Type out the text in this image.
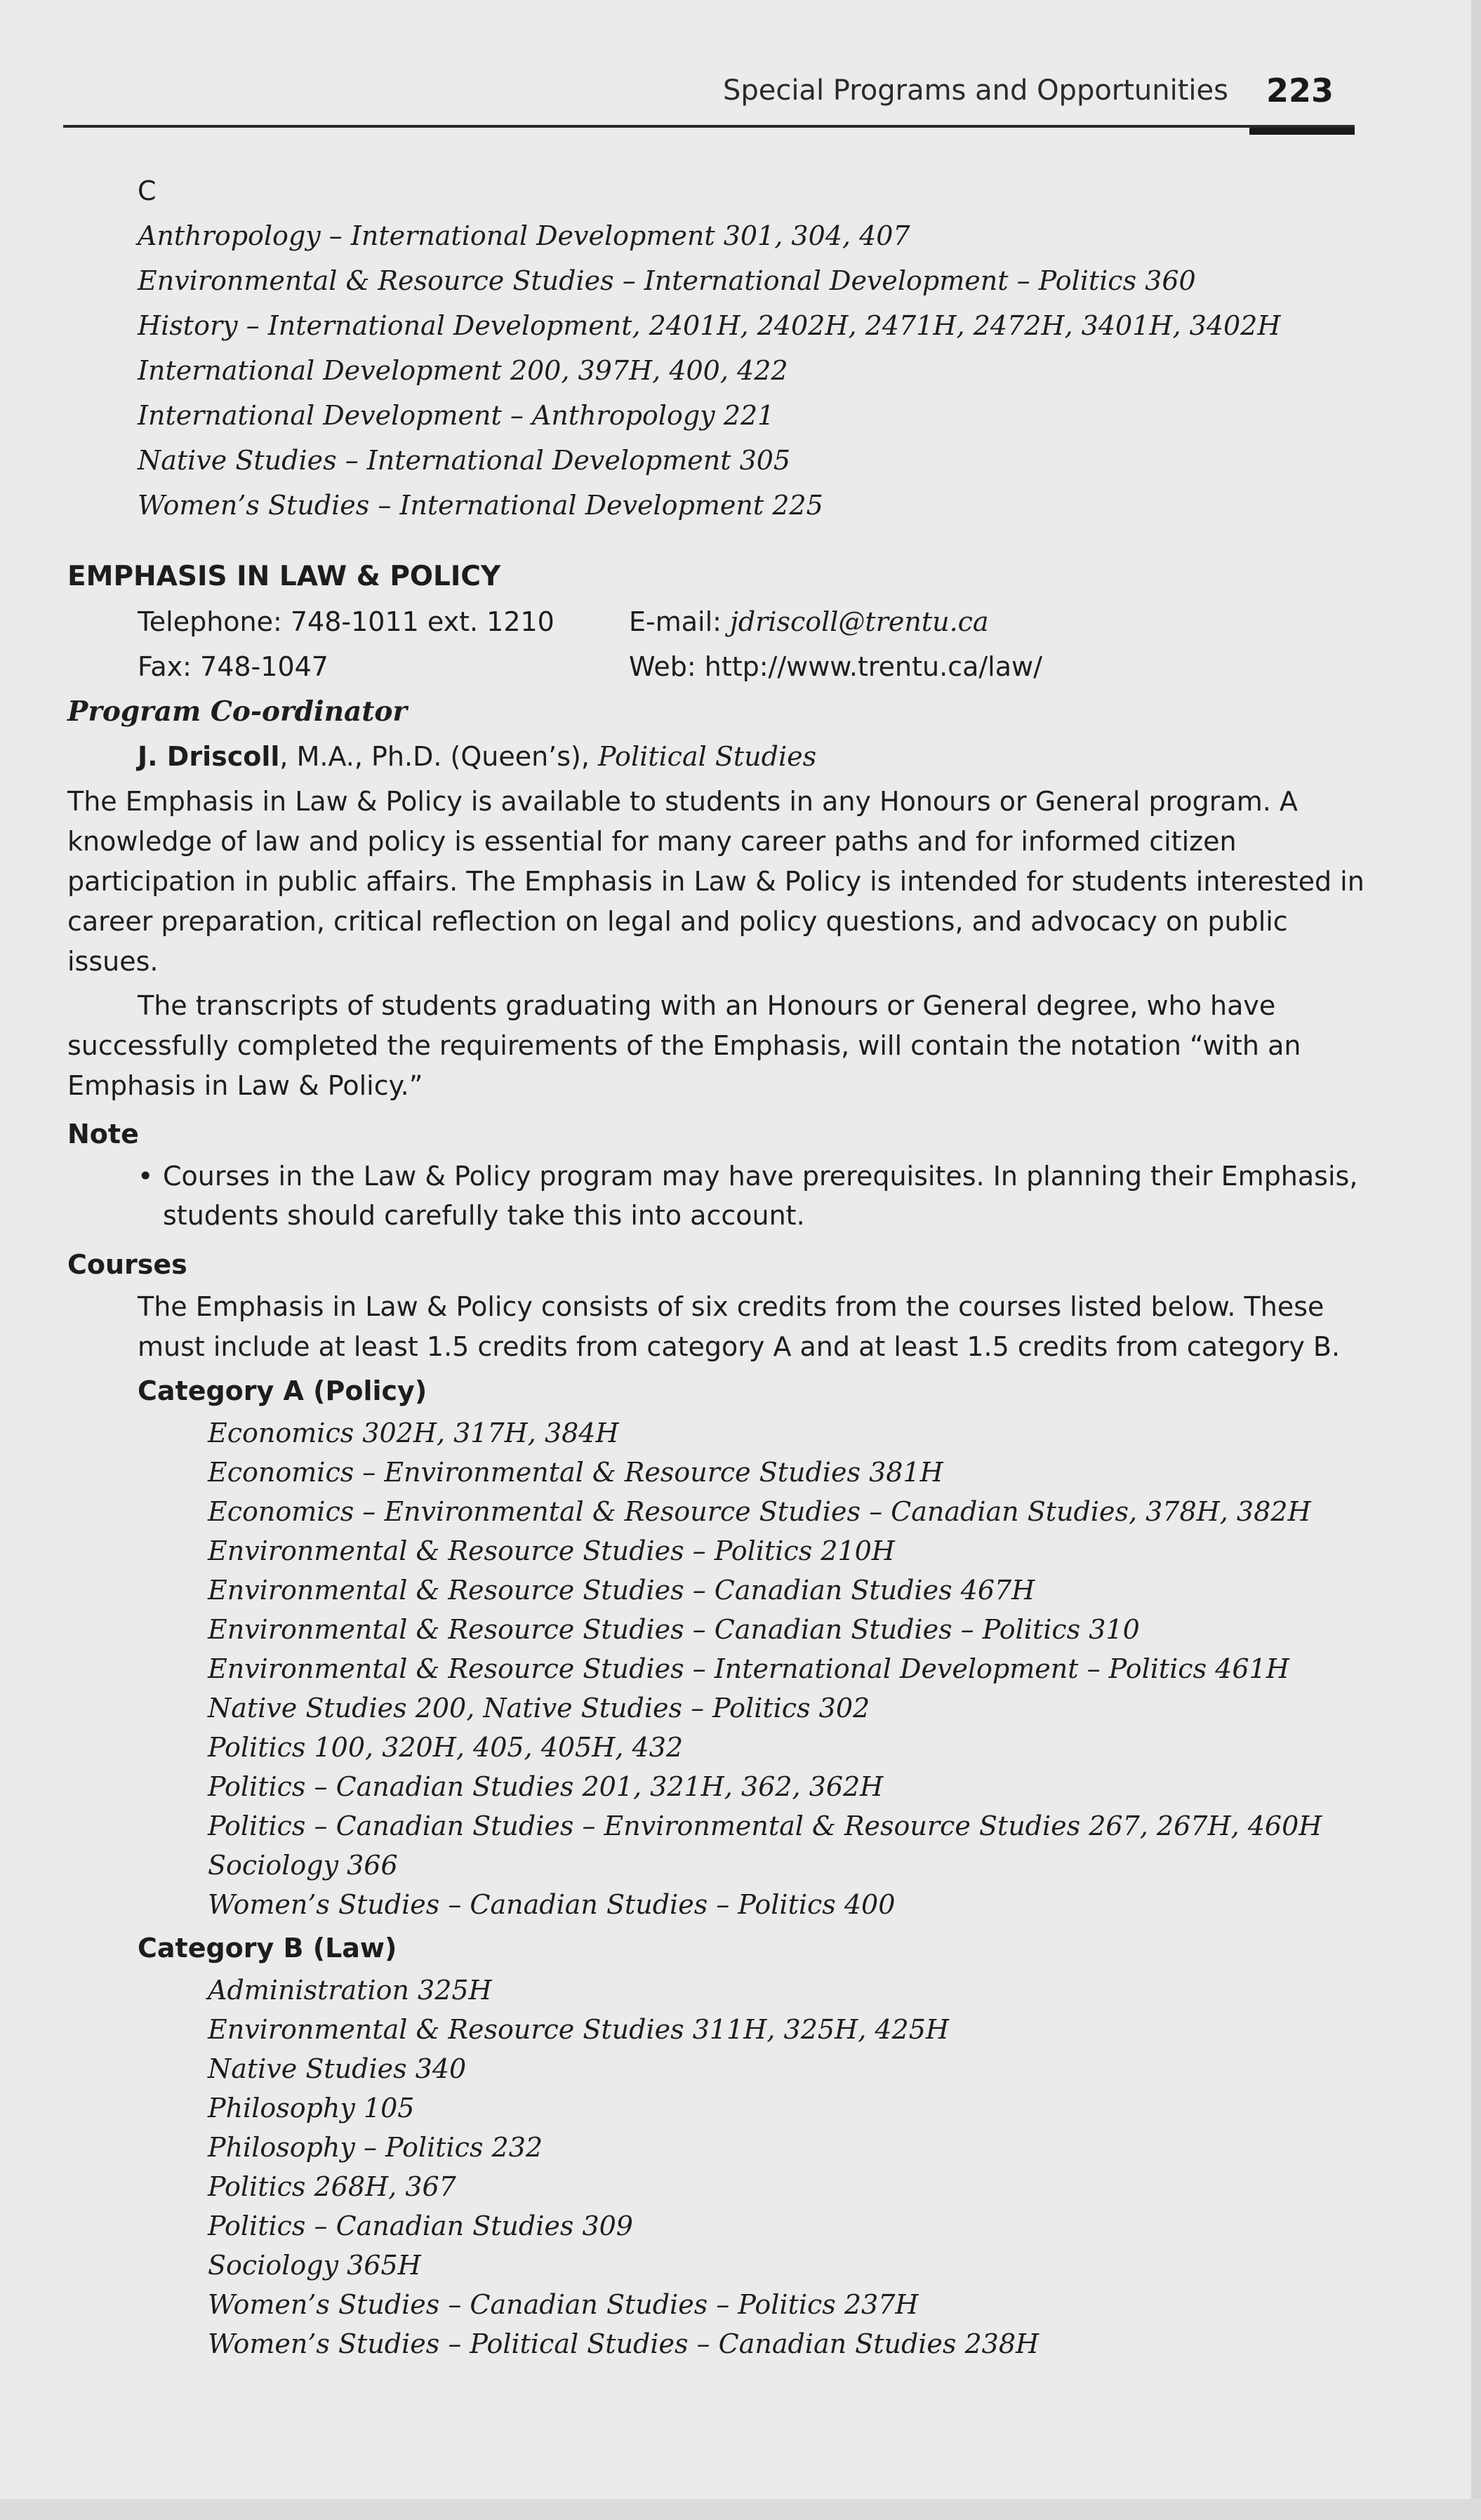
Special Programs and Opportunities 223
C
Anthropology – International Development 301, 304, 407
Environmental & Resource Studies – International Development – Politics 360
History – International Development, 2401H, 2402H, 2471H, 2472H, 3401H, 3402H
International Development 200, 397H, 400, 422
International Development – Anthropology 221
Native Studies – International Development 305
Women’s Studies – International Development 225
EMPHASIS IN LAW & POLICY
Telephone: 748-1011 ext. 1210	E-mail: jdriscoll@trentu.ca
Fax: 748-1047	Web: http://www.trentu.ca/law/
Program Co-ordinator
J. Driscoll, M.A., Ph.D. (Queen’s), Political Studies

The Emphasis in Law & Policy is available to students in any Honours or General program. A knowledge of law and policy is essential for many career paths and for informed citizen participation in public affairs. The Emphasis in Law & Policy is intended for students interested in career preparation, critical reflection on legal and policy questions, and advocacy on public issues.

The transcripts of students graduating with an Honours or General degree, who have successfully completed the requirements of the Emphasis, will contain the notation “with an Emphasis in Law & Policy.”

Note
• Courses in the Law & Policy program may have prerequisites. In planning their Emphasis, students should carefully take this into account.
Courses
The Emphasis in Law & Policy consists of six credits from the courses listed below. These must include at least 1.5 credits from category A and at least 1.5 credits from category B.
Category A (Policy)
Economics 302H, 317H, 384H
Economics – Environmental & Resource Studies 381H
Economics – Environmental & Resource Studies – Canadian Studies, 378H, 382H
Environmental & Resource Studies – Politics 210H
Environmental & Resource Studies – Canadian Studies 467H
Environmental & Resource Studies – Canadian Studies – Politics 310
Environmental & Resource Studies – International Development – Politics 461H
Native Studies 200, Native Studies – Politics 302
Politics 100, 320H, 405, 405H, 432
Politics – Canadian Studies 201, 321H, 362, 362H
Politics – Canadian Studies – Environmental & Resource Studies 267, 267H, 460H
Sociology 366
Women’s Studies – Canadian Studies – Politics 400
Category B (Law)
Administration 325H
Environmental & Resource Studies 311H, 325H, 425H
Native Studies 340
Philosophy 105
Philosophy – Politics 232
Politics 268H, 367
Politics – Canadian Studies 309
Sociology 365H
Women’s Studies – Canadian Studies – Politics 237H
Women’s Studies – Political Studies – Canadian Studies 238H
